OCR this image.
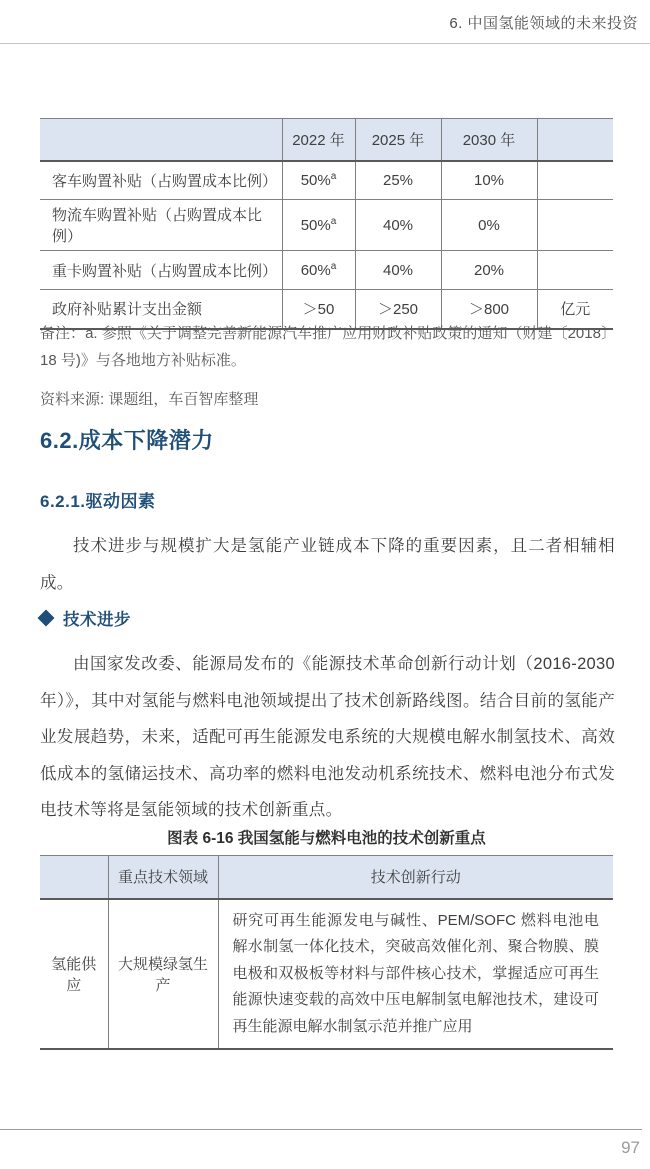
6. 中国氢能领域的未来投资
	2022 年	2025 年	2030 年	
客车购置补贴（占购置成本比例）	50%$^a$	25%	10%	
物流车购置补贴（占购置成本比例）	50%$^a$	40%	0%	
重卡购置补贴（占购置成本比例）	60%$^a$	40%	20%	
政府补贴累计支出金额	＞50	＞250	＞800	亿元
备注：a. 参照《关于调整完善新能源汽车推广应用财政补贴政策的通知（财建〔2018〕18 号)》与各地地方补贴标准。
资料来源: 课题组，车百智库整理
6.2.成本下降潜力
6.2.1.驱动因素

技术进步与规模扩大是氢能产业链成本下降的重要因素，且二者相辅相成。

技术进步

由国家发改委、能源局发布的《能源技术革命创新行动计划（2016-2030年）》，其中对氢能与燃料电池领域提出了技术创新路线图。结合目前的氢能产业发展趋势，未来，适配可再生能源发电系统的大规模电解水制氢技术、高效低成本的氢储运技术、高功率的燃料电池发动机系统技术、燃料电池分布式发电技术等将是氢能领域的技术创新重点。

图表 6-16 我国氢能与燃料电池的技术创新重点
	重点技术领域	技术创新行动
氢能供应	大规模绿氢生产	研究可再生能源发电与碱性、PEM/SOFC 燃料电池电解水制氢一体化技术，突破高效催化剂、聚合物膜、膜电极和双极板等材料与部件核心技术，掌握适应可再生能源快速变载的高效中压电解制氢电解池技术，建设可再生能源电解水制氢示范并推广应用
97
